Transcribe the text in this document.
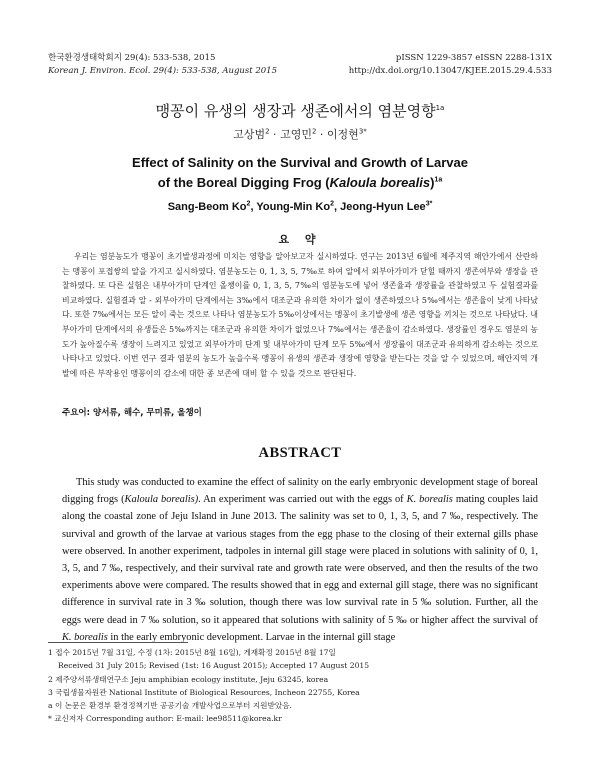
한국환경생태학회지 29(4): 533-538, 2015
Korean J. Environ. Ecol. 29(4): 533-538, August 2015
pISSN 1229-3857 eISSN 2288-131X
http://dx.doi.org/10.13047/KJEE.2015.29.4.533
맹꽁이 유생의 생장과 생존에서의 염분영향$^{1a}$
고상범$^2$ · 고영민$^2$ · 이정현$^{3*}$
Effect of Salinity on the Survival and Growth of Larvae
of the Boreal Digging Frog (Kaloula borealis)$^{1a}$
Sang-Beom Ko$^2$, Young-Min Ko$^2$, Jeong-Hyun Lee$^{3*}$
요 약

우리는 염분농도가 맹꽁이 초기발생과정에 미치는 영향을 알아보고자 실시하였다. 연구는 2013년 6월에 제주지역 해안가에서 산란하는 맹꽁이 포접쌍의 알을 가지고 실시하였다. 염분농도는 0, 1, 3, 5, 7‰로 하여 알에서 외부아가미가 닫힐 때까지 생존여부와 생장을 관찰하였다. 또 다른 실험은 내부아가미 단계인 올챙이를 0, 1, 3, 5, 7‰의 염분농도에 넣어 생존율과 생장률을 관찰하였고 두 실험결과를 비교하였다. 실험결과 알 - 외부아가미 단계에서는 3‰에서 대조군과 유의한 차이가 없이 생존하였으나 5‰에서는 생존율이 낮게 나타났다. 또한 7‰에서는 모든 알이 죽는 것으로 나타나 염분농도가 5‰이상에서는 맹꽁이 초기발생에 생존 영향을 끼치는 것으로 나타났다. 내부아가미 단계에서의 유생들은 5‰까지는 대조군과 유의한 차이가 없었으나 7‰에서는 생존율이 감소하였다. 생장률인 경우도 염분의 농도가 높아질수록 생장이 느려지고 있었고 외부아가미 단계 및 내부아가미 단계 모두 5‰에서 생장률이 대조군과 유의하게 감소하는 것으로 나타나고 있었다. 이번 연구 결과 염분의 농도가 높을수록 맹꽁이 유생의 생존과 생장에 영향을 받는다는 것을 알 수 있었으며, 해안지역 개발에 따른 부작용인 맹꽁이의 감소에 대한 종 보존에 대비 할 수 있을 것으로 판단된다.

주요어: 양서류, 해수, 무미류, 올챙이
ABSTRACT

This study was conducted to examine the effect of salinity on the early embryonic development stage of boreal digging frogs (Kaloula borealis). An experiment was carried out with the eggs of K. borealis mating couples laid along the coastal zone of Jeju Island in June 2013. The salinity was set to 0, 1, 3, 5, and 7 ‰, respectively. The survival and growth of the larvae at various stages from the egg phase to the closing of their external gills phase were observed. In another experiment, tadpoles in internal gill stage were placed in solutions with salinity of 0, 1, 3, 5, and 7 ‰, respectively, and their survival rate and growth rate were observed, and then the results of the two experiments above were compared. The results showed that in egg and external gill stage, there was no significant difference in survival rate in 3 ‰ solution, though there was low survival rate in 5 ‰ solution. Further, all the eggs were dead in 7 ‰ solution, so it appeared that solutions with salinity of 5 ‰ or higher affect the survival of K. borealis in the early embryonic development. Larvae in the internal gill stage

1 접수 2015년 7월 31일, 수정 (1차: 2015년 8월 16일), 게재확정 2015년 8월 17일
Received 31 July 2015; Revised (1st: 16 August 2015); Accepted 17 August 2015
2 제주양서류생태연구소 Jeju amphibian ecology institute, Jeju 63245, korea
3 국립생물자원관 National Institute of Biological Resources, Incheon 22755, Korea
a 이 논문은 환경부 환경정책기반 공공기술 개발사업으로부터 지원받았음.
* 교신저자 Corresponding author: E-mail: lee98511@korea.kr
